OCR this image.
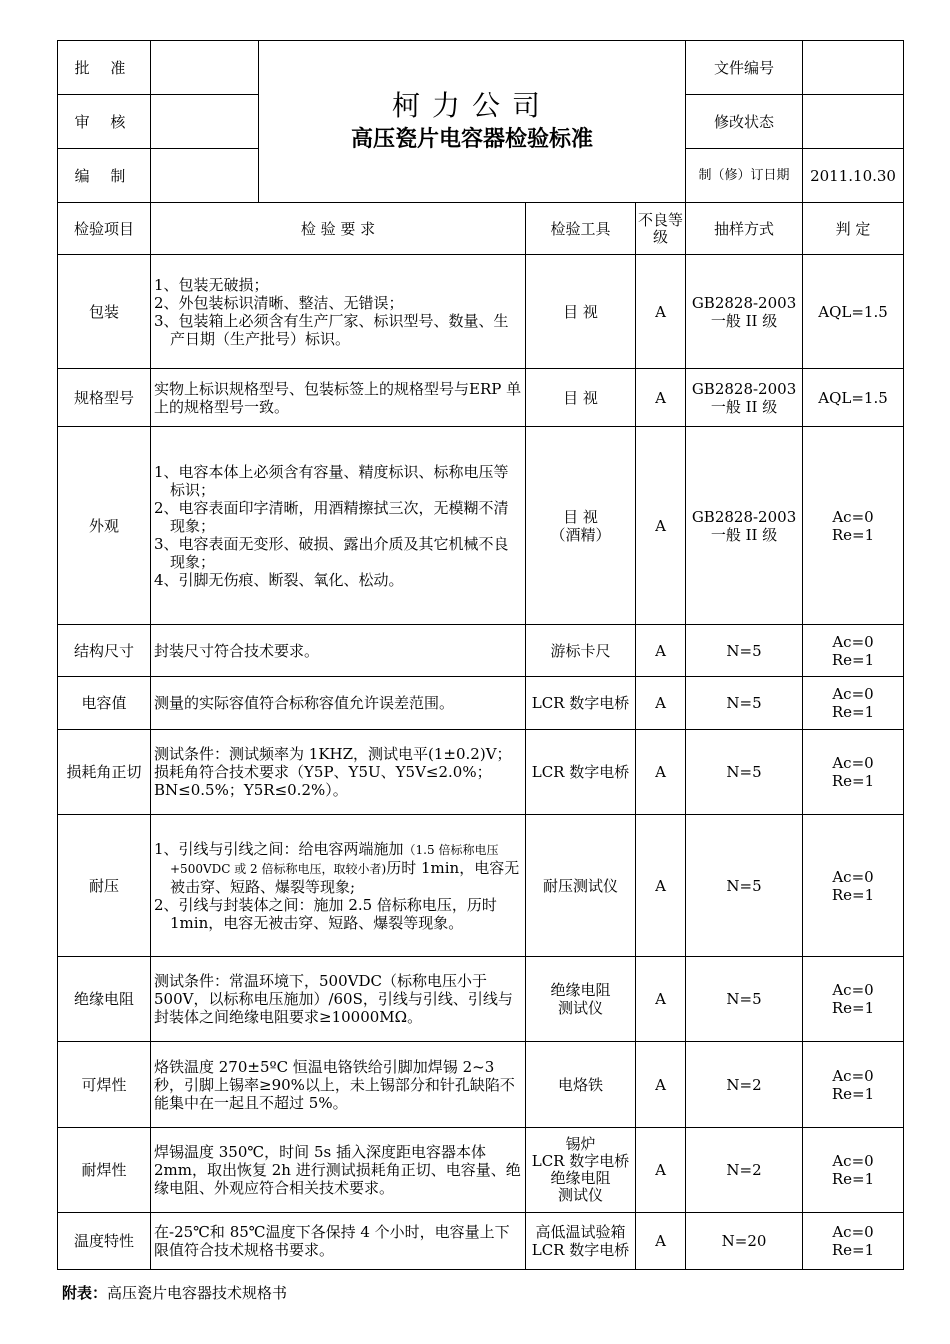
批 准		柯力公司
高压瓷片电容器检验标准			文件编号	
审 核					修改状态	
编 制					制（修）订日期	2011.10.30
检验项目	检 验 要 求		检验工具	不良等级	抽样方式	判 定
包装	1、包装无破损；
2、外包装标识清晰、整洁、无错误；
3、包装箱上必须含有生产厂家、标识型号、数量、生产日期（生产批号）标识。		目 视	A	GB2828-2003
一般 II 级	AQL=1.5

规格型号	实物上标识规格型号、包装标签上的规格型号与ERP 单上的规格型号一致。		目 视	A	GB2828-2003
一般 II 级	AQL=1.5

外观	1、电容本体上必须含有容量、精度标识、标称电压等标识；
2、电容表面印字清晰，用酒精擦拭三次，无模糊不清现象；
3、电容表面无变形、破损、露出介质及其它机械不良现象；
4、引脚无伤痕、断裂、氧化、松动。		目 视
（酒精）	A	GB2828-2003
一般 II 级	Ac=0
Re=1

结构尺寸	封装尺寸符合技术要求。		游标卡尺	A	N=5	Ac=0
Re=1

电容值	测量的实际容值符合标称容值允许误差范围。		LCR 数字电桥	A	N=5	Ac=0
Re=1

损耗角正切	测试条件：测试频率为 1KHZ，测试电平(1±0.2)V；损耗角符合技术要求（Y5P、Y5U、Y5V≤2.0%；BN≤0.5%；Y5R≤0.2%）。		LCR 数字电桥	A	N=5	Ac=0
Re=1

耐压	1、引线与引线之间：给电容两端施加（1.5 倍标称电压+500VDC 或 2 倍标称电压，取较小者)历时 1min，电容无被击穿、短路、爆裂等现象;
2、引线与封装体之间：施加 2.5 倍标称电压，历时 1min，电容无被击穿、短路、爆裂等现象。		耐压测试仪	A	N=5	Ac=0
Re=1

绝缘电阻	测试条件：常温环境下，500VDC（标称电压小于500V，以标称电压施加）/60S，引线与引线、引线与封装体之间绝缘电阻要求≥10000MΩ。		绝缘电阻
测试仪	A	N=5	Ac=0
Re=1

可焊性	烙铁温度 270±5ºC 恒温电铬铁给引脚加焊锡 2~3秒，引脚上锡率≥90%以上，未上锡部分和针孔缺陷不能集中在一起且不超过 5%。		电烙铁	A	N=2	Ac=0
Re=1

耐焊性	焊锡温度 350℃，时间 5s 插入深度距电容器本体2mm，取出恢复 2h 进行测试损耗角正切、电容量、绝缘电阻、外观应符合相关技术要求。		锡炉
LCR 数字电桥
绝缘电阻
测试仪	A	N=2	Ac=0
Re=1

温度特性	在-25℃和 85℃温度下各保持 4 个小时，电容量上下限值符合技术规格书要求。		高低温试验箱
LCR 数字电桥	A	N=20	Ac=0
Re=1
附表：高压瓷片电容器技术规格书
